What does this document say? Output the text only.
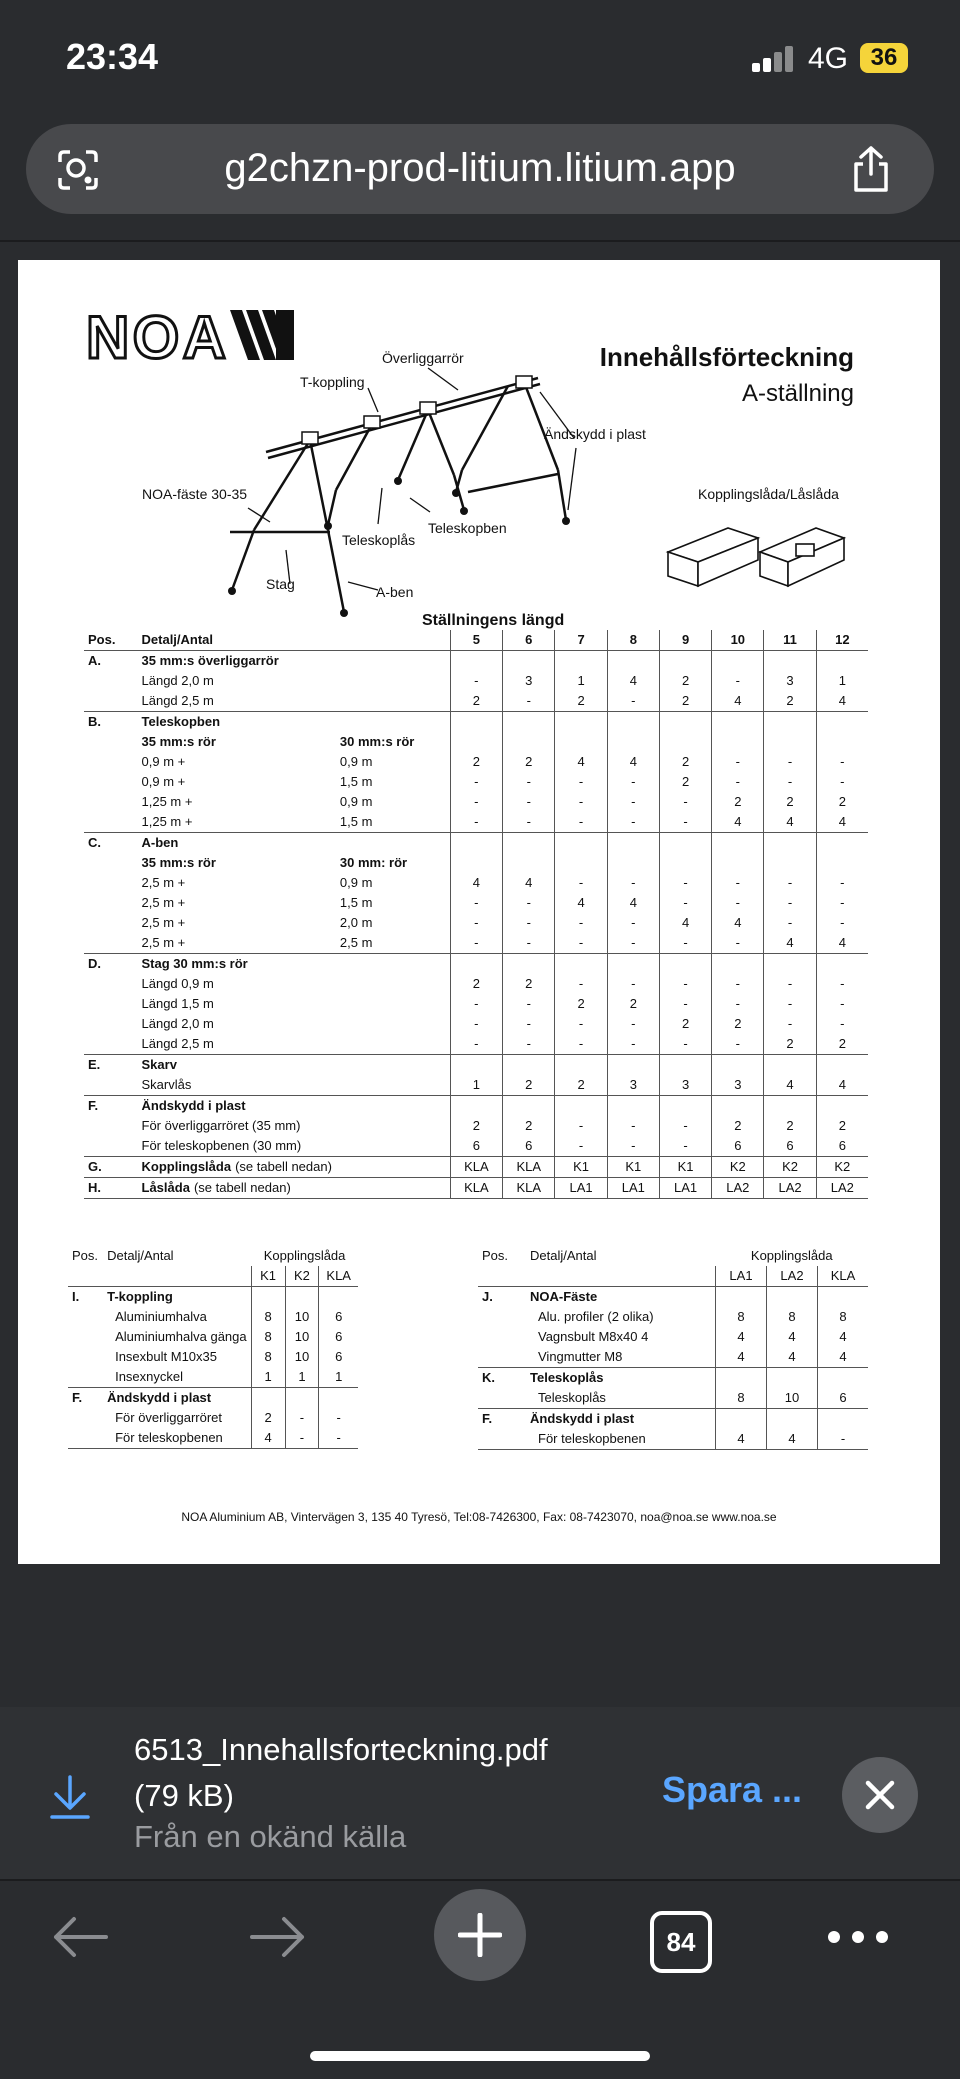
23:34	4G 36
g2chzn-prod-litium.litium.app
NOA	Innehållsförteckning
A-ställning
Överliggarrör
T-koppling
Ändskydd i plast
NOA-fäste 30-35
Teleskopben
Teleskoplås
Stag	A-ben
Kopplingslåda/Låslåda
Ställningens längd
Pos.	Detalj/Antal		5	6	7	8	9	10	11	12
A.	35 mm:s överliggarrör									
	Längd 2,0 m		-	3	1	4	2	-	3	1
	Längd 2,5 m		2	-	2	-	2	4	2	4
B.	Teleskopben									
	35 mm:s rör	30 mm:s rör								
	0,9 m +	0,9 m	2	2	4	4	2	-	-	-
	0,9 m +	1,5 m	-	-	-	-	2	-	-	-
	1,25 m +	0,9 m	-	-	-	-	-	2	2	2
	1,25 m +	1,5 m	-	-	-	-	-	4	4	4
C.	A-ben									
	35 mm:s rör	30 mm: rör								
	2,5 m +	0,9 m	4	4	-	-	-	-	-	-
	2,5 m +	1,5 m	-	-	4	4	-	-	-	-
	2,5 m +	2,0 m	-	-	-	-	4	4	-	-
	2,5 m +	2,5 m	-	-	-	-	-	-	4	4
D.	Stag 30 mm:s rör									
	Längd 0,9 m		2	2	-	-	-	-	-	-
	Längd 1,5 m		-	-	2	2	-	-	-	-
	Längd 2,0 m		-	-	-	-	2	2	-	-
	Längd 2,5 m		-	-	-	-	-	-	2	2
E.	Skarv									
	Skarvlås		1	2	2	3	3	3	4	4
F.	Ändskydd i plast									
	För överliggarröret (35 mm)		2	2	-	-	-	2	2	2
	För teleskopbenen (30 mm)		6	6	-	-	-	6	6	6
G.	Kopplingslåda (se tabell nedan)		KLA	KLA	K1	K1	K1	K2	K2	K2
H.	Låslåda (se tabell nedan)		KLA	KLA	LA1	LA1	LA1	LA2	LA2	LA2
Pos.	Detalj/Antal	Kopplingslåda		
		K1	K2	KLA
I.	T-koppling			
	Aluminiumhalva	8	10	6
	Aluminiumhalva gänga	8	10	6
	Insexbult M10x35	8	10	6
	Insexnyckel	1	1	1
F.	Ändskydd i plast			
	För överliggarröret	2	-	-
	För teleskopbenen	4	-	-
Pos.	Detalj/Antal	Kopplingslåda		
		LA1	LA2	KLA
J.	NOA-Fäste			
	Alu. profiler (2 olika)	8	8	8
	Vagnsbult M8x40 4	4	4	4
	Vingmutter M8	4	4	4
K.	Teleskoplås			
	Teleskoplås	8	10	6
F.	Ändskydd i plast			
	För teleskopbenen	4	4	-
NOA Aluminium AB, Vintervägen 3, 135 40 Tyresö, Tel:08-7426300, Fax: 08-7423070, noa@noa.se www.noa.se
6513_Innehallsforteckning.pdf
(79 kB)
Från en okänd källa
Spara ...
84
